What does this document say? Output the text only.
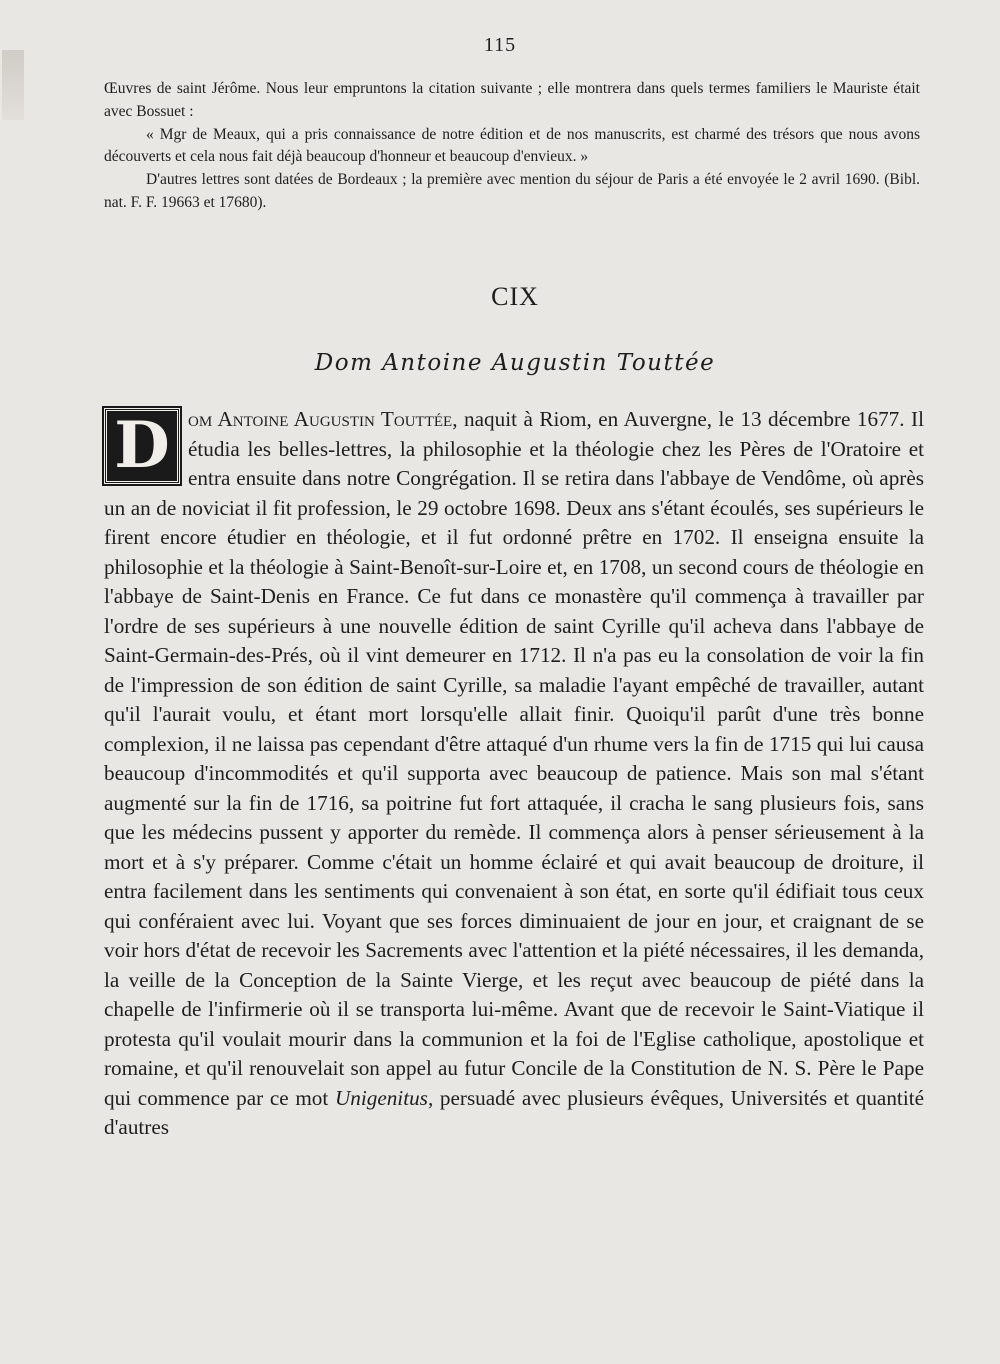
115

Œuvres de saint Jérôme. Nous leur empruntons la citation suivante ; elle montrera dans quels termes familiers le Mauriste était avec Bossuet :

« Mgr de Meaux, qui a pris connaissance de notre édition et de nos manuscrits, est charmé des trésors que nous avons découverts et cela nous fait déjà beaucoup d'honneur et beaucoup d'envieux. »

D'autres lettres sont datées de Bordeaux ; la première avec mention du séjour de Paris a été envoyée le 2 avril 1690. (Bibl. nat. F. F. 19663 et 17680).

CIX
Dom Antoine Augustin Touttée

D om Antoine Augustin Touttée, naquit à Riom, en Auvergne, le 13 décembre 1677. Il étudia les belles-lettres, la philosophie et la théologie chez les Pères de l'Oratoire et entra ensuite dans notre Congrégation. Il se retira dans l'abbaye de Vendôme, où après un an de noviciat il fit profession, le 29 octobre 1698. Deux ans s'étant écoulés, ses supérieurs le firent encore étudier en théologie, et il fut ordonné prêtre en 1702. Il enseigna ensuite la philosophie et la théologie à Saint-Benoît-sur-Loire et, en 1708, un second cours de théologie en l'abbaye de Saint-Denis en France. Ce fut dans ce monastère qu'il commença à travailler par l'ordre de ses supérieurs à une nouvelle édition de saint Cyrille qu'il acheva dans l'abbaye de Saint-Germain-des-Prés, où il vint demeurer en 1712. Il n'a pas eu la consolation de voir la fin de l'impression de son édition de saint Cyrille, sa maladie l'ayant empêché de travailler, autant qu'il l'aurait voulu, et étant mort lorsqu'elle allait finir. Quoiqu'il parût d'une très bonne complexion, il ne laissa pas cependant d'être attaqué d'un rhume vers la fin de 1715 qui lui causa beaucoup d'incommodités et qu'il supporta avec beaucoup de patience. Mais son mal s'étant augmenté sur la fin de 1716, sa poitrine fut fort attaquée, il cracha le sang plusieurs fois, sans que les médecins pussent y apporter du remède. Il commença alors à penser sérieusement à la mort et à s'y préparer. Comme c'était un homme éclairé et qui avait beaucoup de droiture, il entra facilement dans les sentiments qui convenaient à son état, en sorte qu'il édifiait tous ceux qui conféraient avec lui. Voyant que ses forces diminuaient de jour en jour, et craignant de se voir hors d'état de recevoir les Sacrements avec l'attention et la piété nécessaires, il les demanda, la veille de la Conception de la Sainte Vierge, et les reçut avec beaucoup de piété dans la chapelle de l'infirmerie où il se transporta lui-même. Avant que de recevoir le Saint-Viatique il protesta qu'il voulait mourir dans la communion et la foi de l'Eglise catholique, apostolique et romaine, et qu'il renouvelait son appel au futur Concile de la Constitution de N. S. Père le Pape qui commence par ce mot Unigenitus, persuadé avec plusieurs évêques, Universités et quantité d'autres
